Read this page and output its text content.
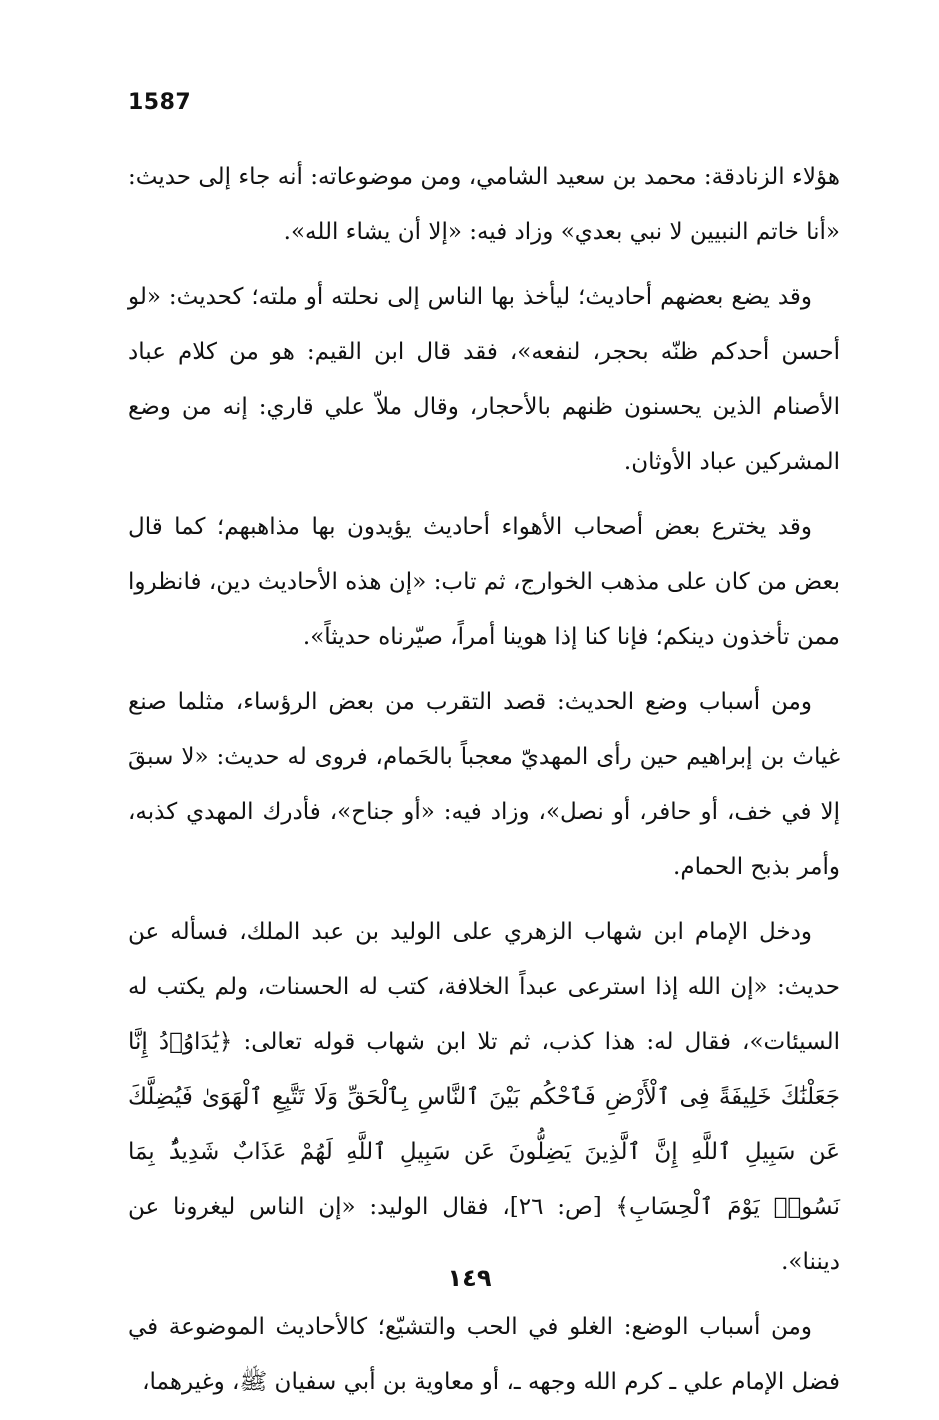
1587

هؤلاء الزنادقة: محمد بن سعيد الشامي، ومن موضوعاته: أنه جاء إلى حديث: «أنا خاتم النبيين لا نبي بعدي» وزاد فيه: «إلا أن يشاء الله».

وقد يضع بعضهم أحاديث؛ ليأخذ بها الناس إلى نحلته أو ملته؛ كحديث: «لو أحسن أحدكم ظنّه بحجر، لنفعه»، فقد قال ابن القيم: هو من كلام عباد الأصنام الذين يحسنون ظنهم بالأحجار، وقال ملاّ علي قاري: إنه من وضع المشركين عباد الأوثان.

وقد يخترع بعض أصحاب الأهواء أحاديث يؤيدون بها مذاهبهم؛ كما قال بعض من كان على مذهب الخوارج، ثم تاب: «إن هذه الأحاديث دين، فانظروا ممن تأخذون دينكم؛ فإنا كنا إذا هوينا أمراً، صيّرناه حديثاً».

ومن أسباب وضع الحديث: قصد التقرب من بعض الرؤساء، مثلما صنع غياث بن إبراهيم حين رأى المهديّ معجباً بالحَمام، فروى له حديث: «لا سبقَ إلا في خف، أو حافر، أو نصل»، وزاد فيه: «أو جناح»، فأدرك المهدي كذبه، وأمر بذبح الحمام.

ودخل الإمام ابن شهاب الزهري على الوليد بن عبد الملك، فسأله عن حديث: «إن الله إذا استرعى عبداً الخلافة، كتب له الحسنات، ولم يكتب له السيئات»، فقال له: هذا كذب، ثم تلا ابن شهاب قوله تعالى: ﴿يَٰدَاوُۥدُ إِنَّا جَعَلْنَٰكَ خَلِيفَةً فِى ٱلْأَرْضِ فَٱحْكُم بَيْنَ ٱلنَّاسِ بِٱلْحَقِّ وَلَا تَتَّبِعِ ٱلْهَوَىٰ فَيُضِلَّكَ عَن سَبِيلِ ٱللَّهِ إِنَّ ٱلَّذِينَ يَضِلُّونَ عَن سَبِيلِ ٱللَّهِ لَهُمْ عَذَابٌ شَدِيدٌۢ بِمَا نَسُوا۟ يَوْمَ ٱلْحِسَابِ﴾ [ص: ٢٦]، فقال الوليد: «إن الناس ليغرونا عن ديننا».

ومن أسباب الوضع: الغلو في الحب والتشيّع؛ كالأحاديث الموضوعة في فضل الإمام علي ـ كرم الله وجهه ـ، أو معاوية بن أبي سفيان ﷺ، وغيرهما،

١٤٩
